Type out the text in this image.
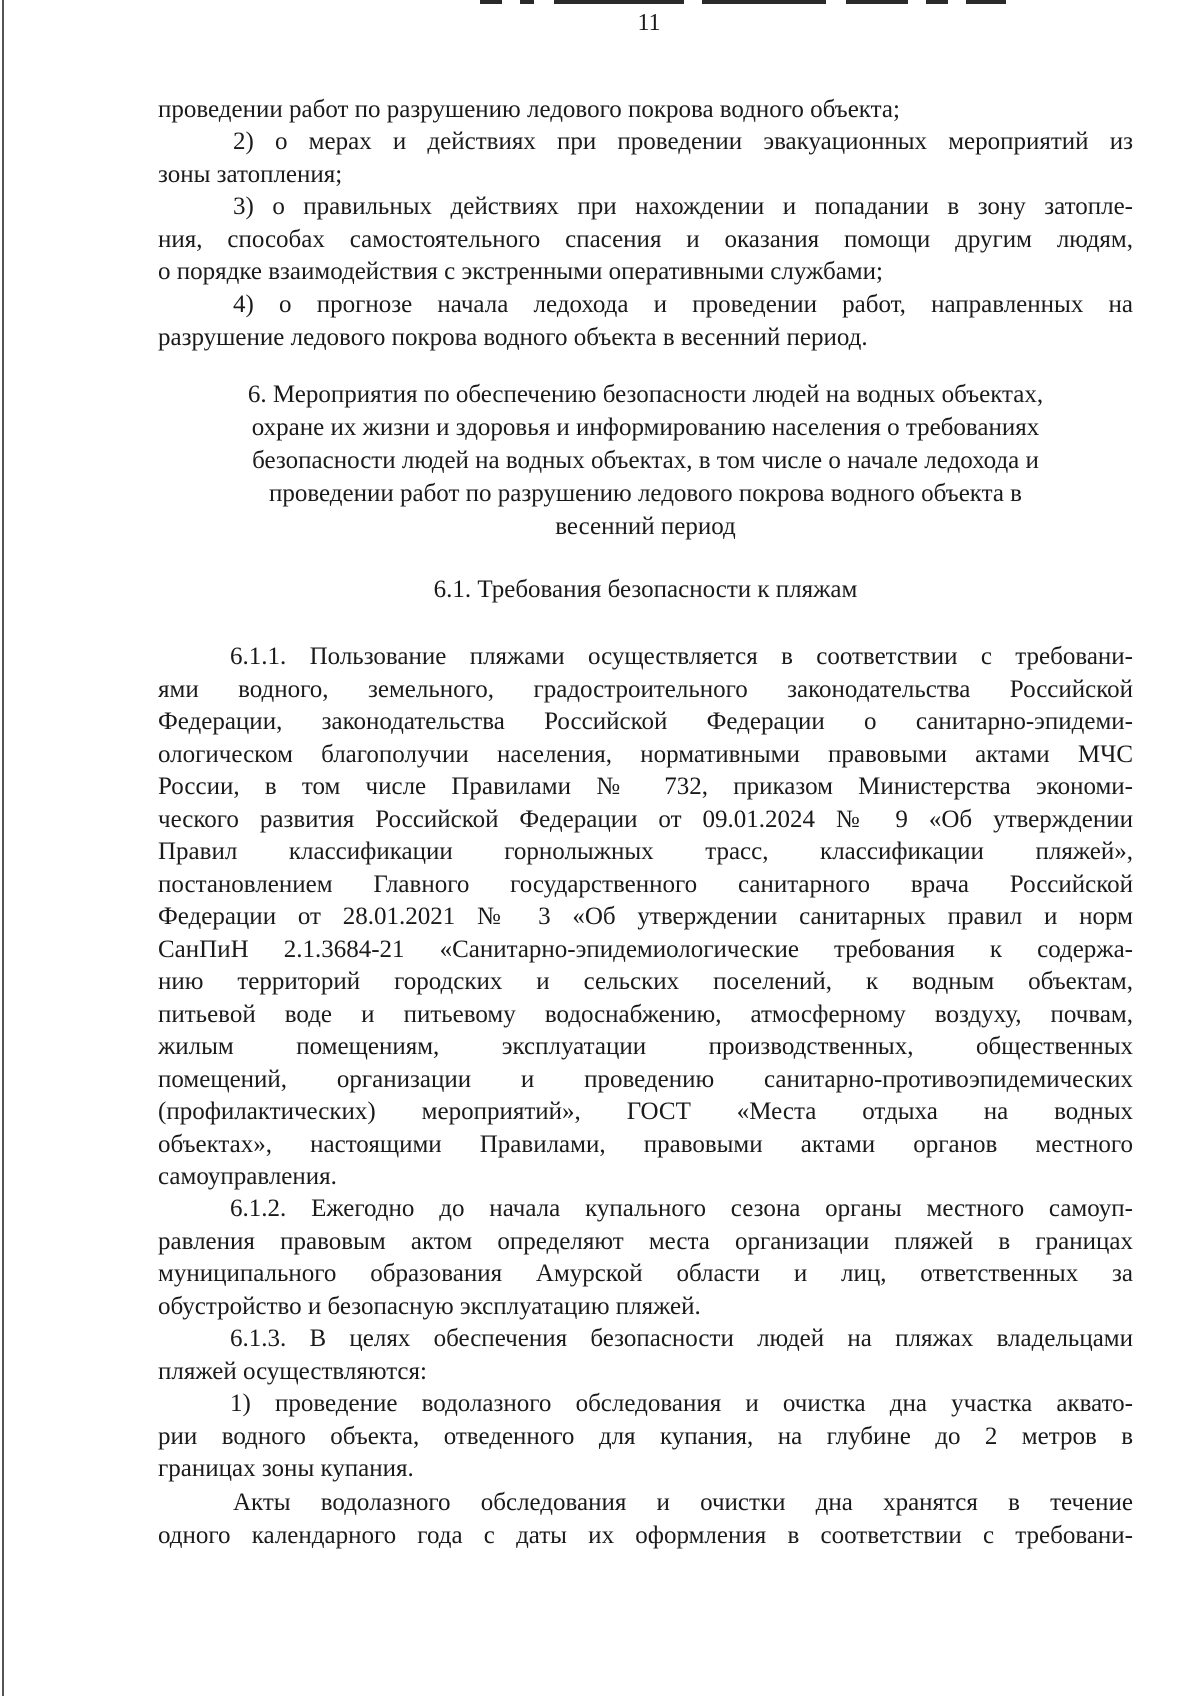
11

проведении работ по разрушению ледового покрова водного объекта;

2) о мерах и действиях при проведении эвакуационных мероприятий из

зоны затопления;

3) о правильных действиях при нахождении и попадании в зону затопле-

ния, способах самостоятельного спасения и оказания помощи другим людям,

о порядке взаимодействия с экстренными оперативными службами;

4) о прогнозе начала ледохода и проведении работ, направленных на

разрушение ледового покрова водного объекта в весенний период.

6. Мероприятия по обеспечению безопасности людей на водных объектах,

охране их жизни и здоровья и информированию населения о требованиях

безопасности людей на водных объектах, в том числе о начале ледохода и

проведении работ по разрушению ледового покрова водного объекта в

весенний период

6.1. Требования безопасности к пляжам

6.1.1. Пользование пляжами осуществляется в соответствии с требовани-

ями водного, земельного, градостроительного законодательства Российской

Федерации, законодательства Российской Федерации о санитарно-эпидеми-

ологическом благополучии населения, нормативными правовыми актами МЧС

России, в том числе Правилами № 732, приказом Министерства экономи-

ческого развития Российской Федерации от 09.01.2024 № 9 «Об утверждении

Правил классификации горнолыжных трасс, классификации пляжей»,

постановлением Главного государственного санитарного врача Российской

Федерации от 28.01.2021 № 3 «Об утверждении санитарных правил и норм

СанПиН 2.1.3684-21 «Санитарно-эпидемиологические требования к содержа-

нию территорий городских и сельских поселений, к водным объектам,

питьевой воде и питьевому водоснабжению, атмосферному воздуху, почвам,

жилым помещениям, эксплуатации производственных, общественных

помещений, организации и проведению санитарно-противоэпидемических

(профилактических) мероприятий», ГОСТ «Места отдыха на водных

объектах», настоящими Правилами, правовыми актами органов местного

самоуправления.

6.1.2. Ежегодно до начала купального сезона органы местного самоуп-

равления правовым актом определяют места организации пляжей в границах

муниципального образования Амурской области и лиц, ответственных за

обустройство и безопасную эксплуатацию пляжей.

6.1.3. В целях обеспечения безопасности людей на пляжах владельцами

пляжей осуществляются:

1) проведение водолазного обследования и очистка дна участка аквато-

рии водного объекта, отведенного для купания, на глубине до 2 метров в

границах зоны купания.

Акты водолазного обследования и очистки дна хранятся в течение

одного календарного года с даты их оформления в соответствии с требовани-
